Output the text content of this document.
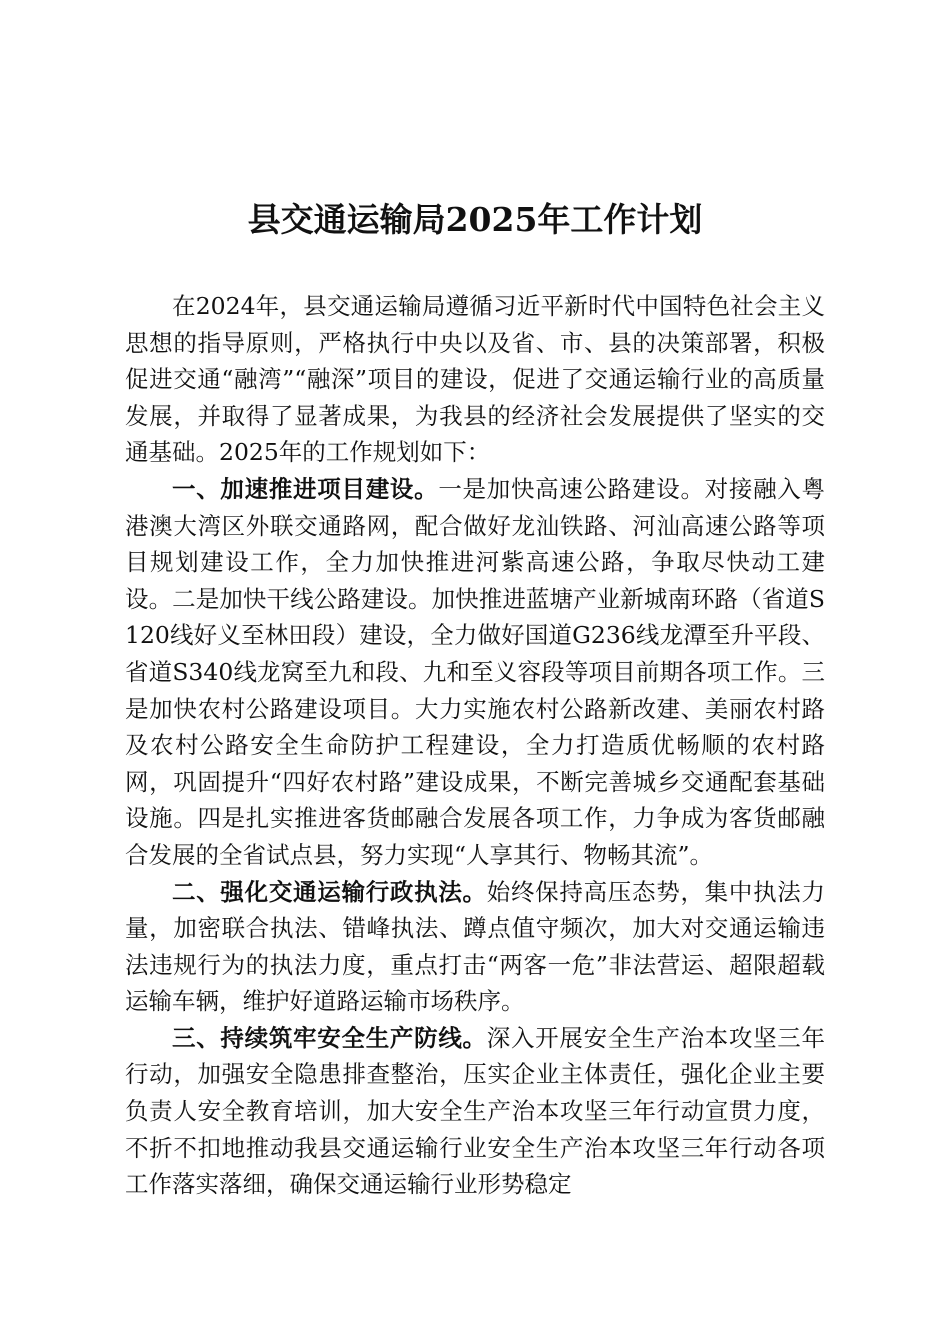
县交通运输局2025年工作计划

在2024年，县交通运输局遵循习近平新时代中国特色社会主义思想的指导原则，严格执行中央以及省、市、县的决策部署，积极促进交通“融湾”“融深”项目的建设，促进了交通运输行业的高质量发展，并取得了显著成果，为我县的经济社会发展提供了坚实的交通基础。2025年的工作规划如下：

一、加速推进项目建设。一是加快高速公路建设。对接融入粤港澳大湾区外联交通路网，配合做好龙汕铁路、河汕高速公路等项目规划建设工作，全力加快推进河紫高速公路，争取尽快动工建设。二是加快干线公路建设。加快推进蓝塘产业新城南环路（省道S120线好义至林田段）建设，全力做好国道G236线龙潭至升平段、省道S340线龙窝至九和段、九和至义容段等项目前期各项工作。三是加快农村公路建设项目。大力实施农村公路新改建、美丽农村路及农村公路安全生命防护工程建设，全力打造质优畅顺的农村路网，巩固提升“四好农村路”建设成果，不断完善城乡交通配套基础设施。四是扎实推进客货邮融合发展各项工作，力争成为客货邮融合发展的全省试点县，努力实现“人享其行、物畅其流”。

二、强化交通运输行政执法。始终保持高压态势，集中执法力量，加密联合执法、错峰执法、蹲点值守频次，加大对交通运输违法违规行为的执法力度，重点打击“两客一危”非法营运、超限超载运输车辆，维护好道路运输市场秩序。

三、持续筑牢安全生产防线。深入开展安全生产治本攻坚三年行动，加强安全隐患排查整治，压实企业主体责任，强化企业主要负责人安全教育培训，加大安全生产治本攻坚三年行动宣贯力度，不折不扣地推动我县交通运输行业安全生产治本攻坚三年行动各项工作落实落细，确保交通运输行业形势稳定
